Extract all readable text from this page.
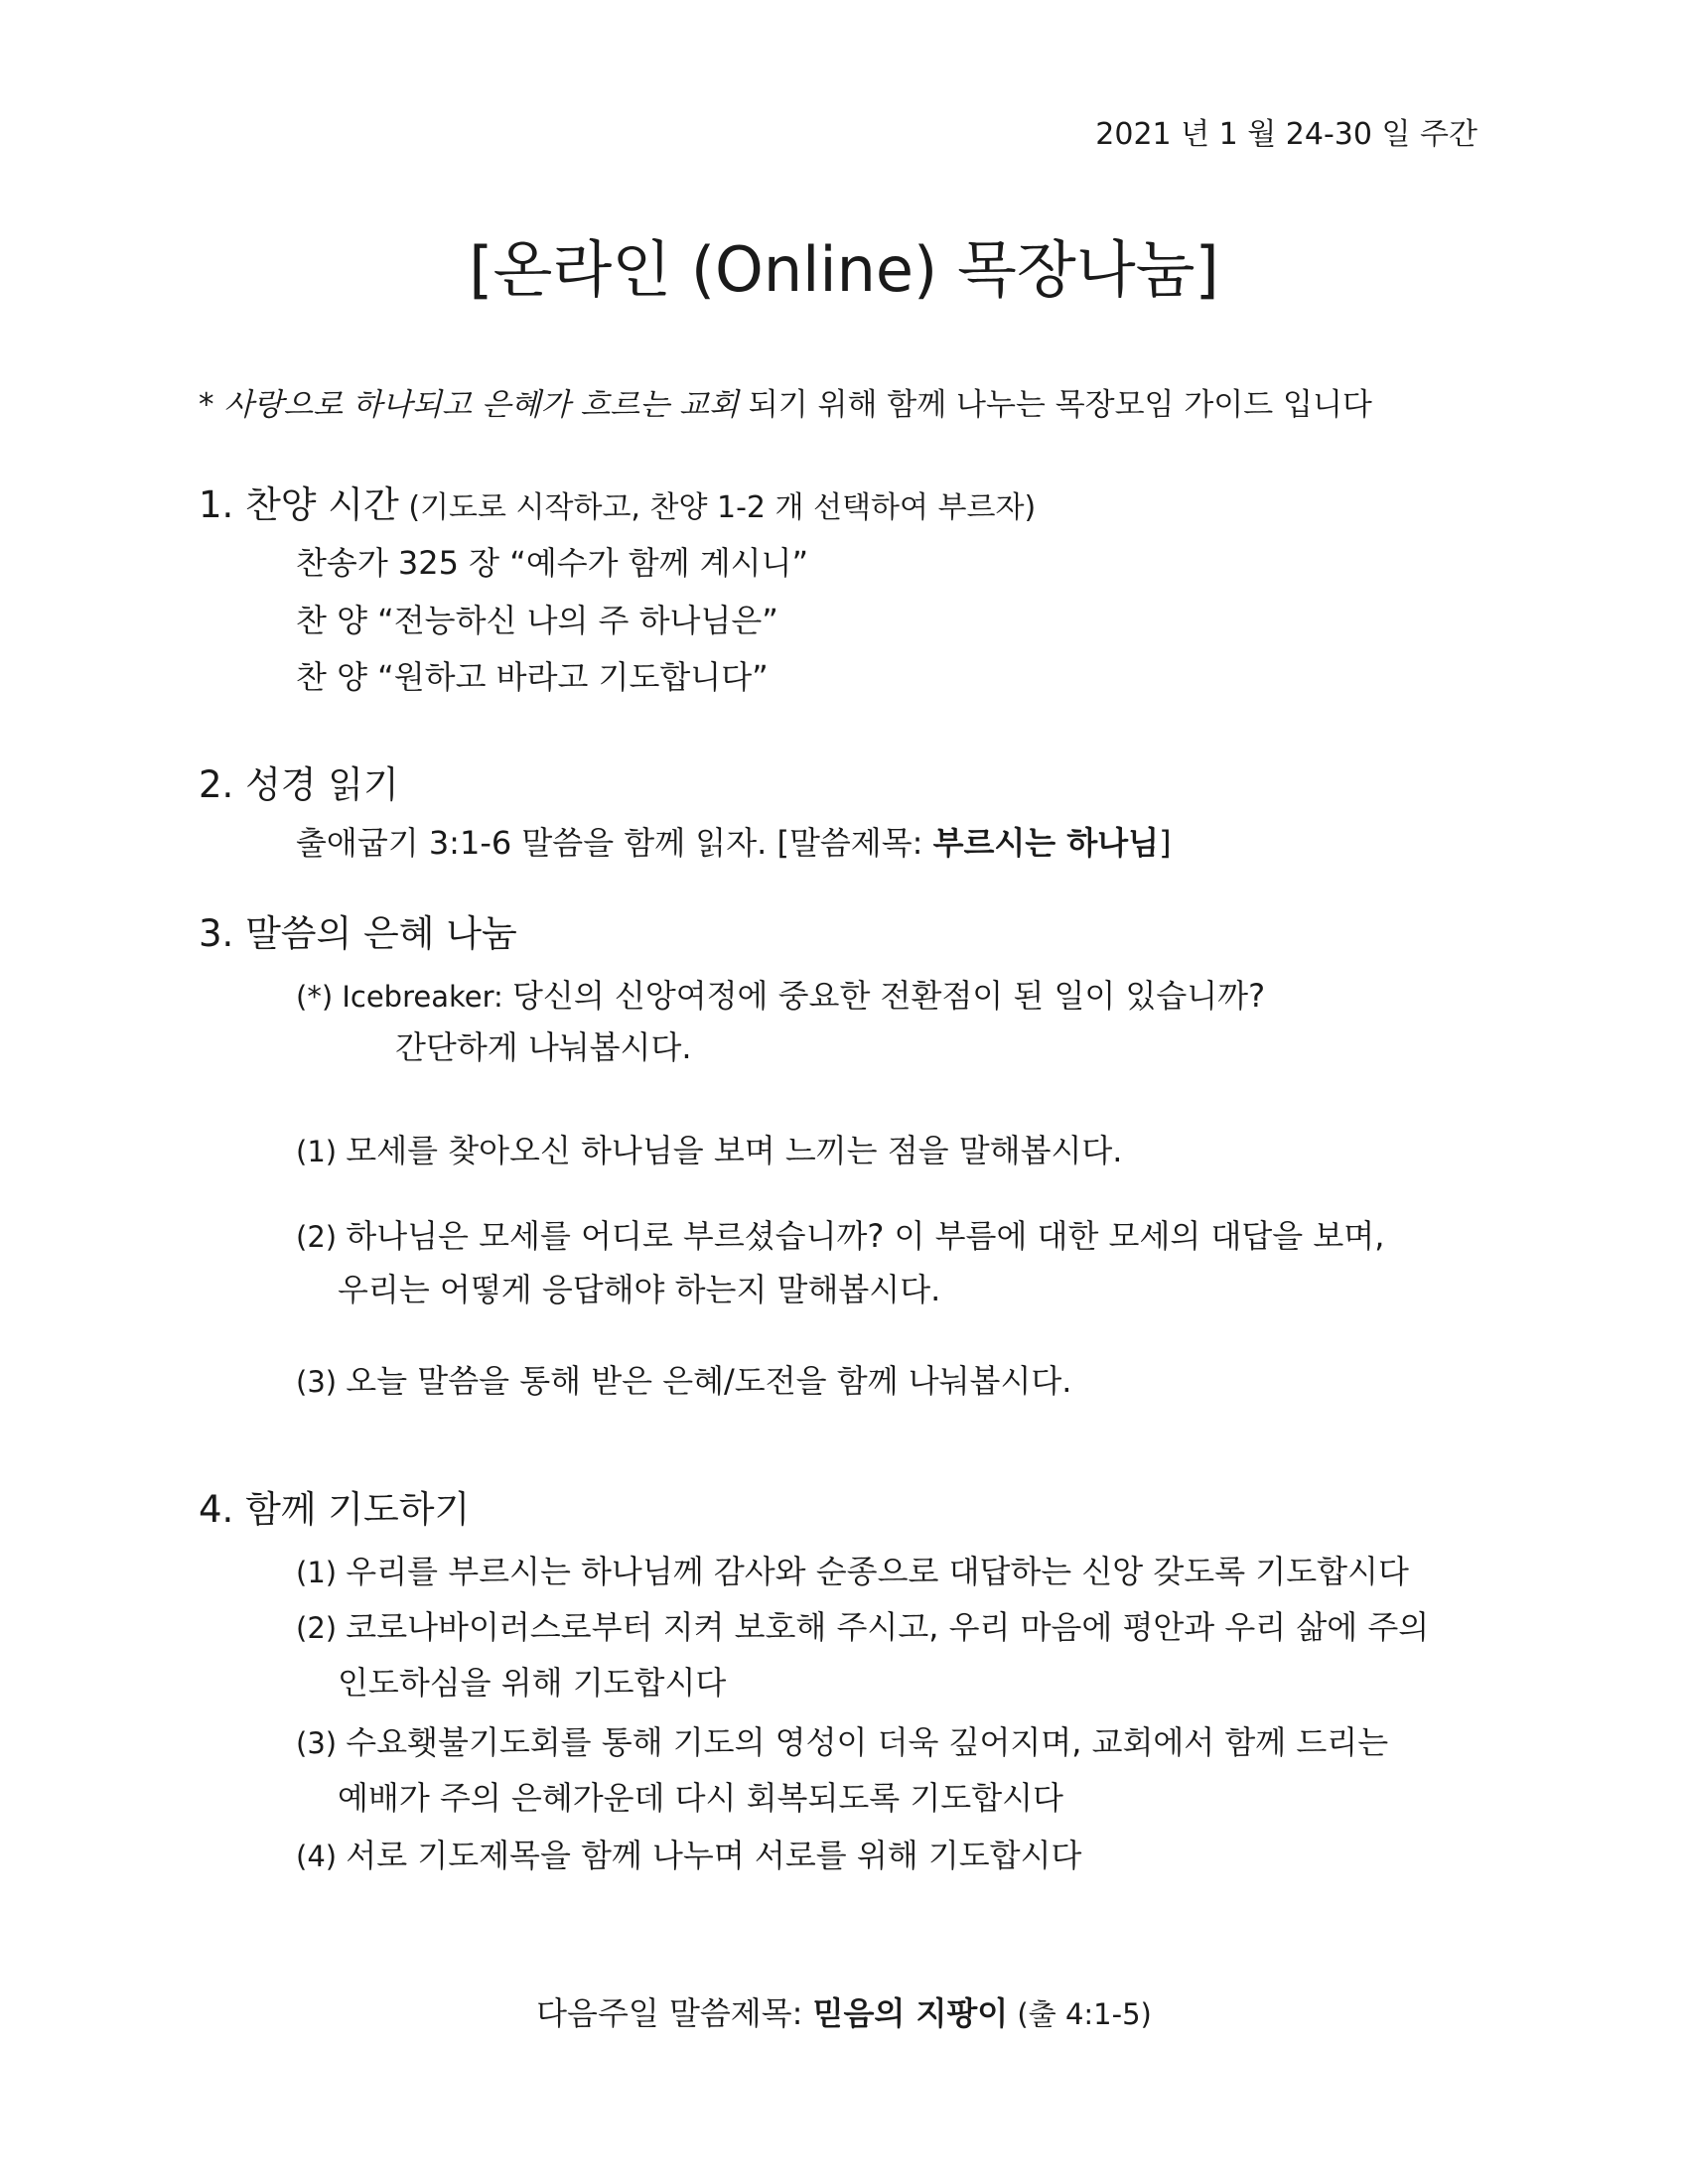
2021 년 1 월 24-30 일 주간
[온라인 (Online) 목장나눔]
* 사랑으로 하나되고 은혜가 흐르는 교회 되기 위해 함께 나누는 목장모임 가이드 입니다
1. 찬양 시간 (기도로 시작하고, 찬양 1-2 개 선택하여 부르자)
찬송가 325 장 “예수가 함께 계시니”
찬 양 “전능하신 나의 주 하나님은”
찬 양 “원하고 바라고 기도합니다”
2. 성경 읽기
출애굽기 3:1-6 말씀을 함께 읽자. [말씀제목: 부르시는 하나님]
3. 말씀의 은혜 나눔
(*) Icebreaker: 당신의 신앙여정에 중요한 전환점이 된 일이 있습니까?
간단하게 나눠봅시다.
(1) 모세를 찾아오신 하나님을 보며 느끼는 점을 말해봅시다.
(2) 하나님은 모세를 어디로 부르셨습니까? 이 부름에 대한 모세의 대답을 보며,
우리는 어떻게 응답해야 하는지 말해봅시다.
(3) 오늘 말씀을 통해 받은 은혜/도전을 함께 나눠봅시다.
4. 함께 기도하기
(1) 우리를 부르시는 하나님께 감사와 순종으로 대답하는 신앙 갖도록 기도합시다
(2) 코로나바이러스로부터 지켜 보호해 주시고, 우리 마음에 평안과 우리 삶에 주의
인도하심을 위해 기도합시다
(3) 수요횃불기도회를 통해 기도의 영성이 더욱 깊어지며, 교회에서 함께 드리는
예배가 주의 은혜가운데 다시 회복되도록 기도합시다
(4) 서로 기도제목을 함께 나누며 서로를 위해 기도합시다
다음주일 말씀제목: 믿음의 지팡이 (출 4:1-5)
